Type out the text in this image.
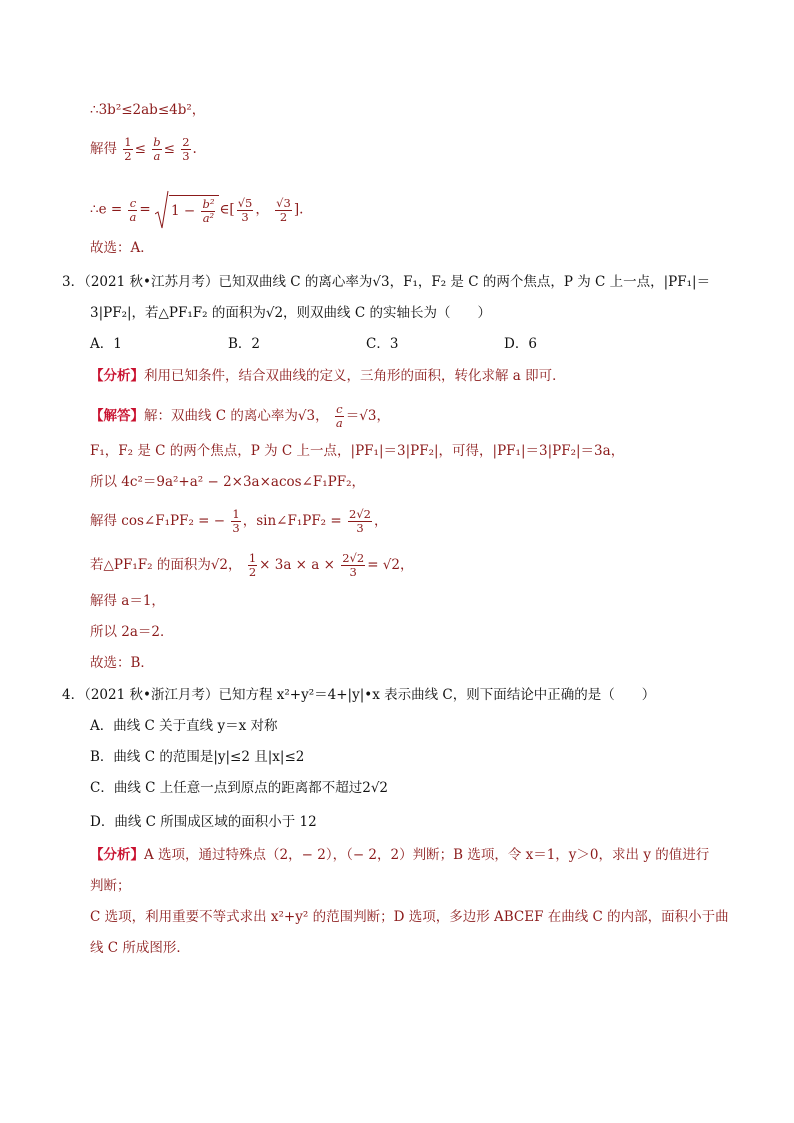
∴3b²≤2ab≤4b²，
解得 $\frac{1}{2} \le \frac{b}{a} \le \frac{2}{3}$ .
∴e = $\frac{c}{a} = 1 - \frac{\text{b²}}{\text{a²}}$ ∈[ $\frac{√5}{3}$ ， $\frac{√3}{2}$ ].
故选：A．
3．（2021 秋•江苏月考）已知双曲线 C 的离心率为√3，F₁，F₂ 是 C 的两个焦点，P 为 C 上一点，|PF₁|＝
3|PF₂|，若△PF₁F₂ 的面积为√2，则双曲线 C 的实轴长为（　　）
A．1	B．2	C．3	D．6
【分析】利用已知条件，结合双曲线的定义，三角形的面积，转化求解 a 即可．
【解答】解：双曲线 C 的离心率为√3， $\frac{c}{a} =√3$，
F₁，F₂ 是 C 的两个焦点，P 为 C 上一点，|PF₁|＝3|PF₂|，可得，|PF₁|＝3|PF₂|＝3a，
所以 4c²＝9a²+a² − 2×3a×acos∠F₁PF₂，
解得 cos∠F₁PF₂ = − $\frac{1}{3}$ ，sin∠F₁PF₂ = $\frac{2√2}{3}$ ，
若△PF₁F₂ 的面积为√2， $\frac{1}{2} \times 3a \times a \times \frac{2√2}{3} = √2$，
解得 a＝1，
所以 2a＝2．
故选：B．
4．（2021 秋•浙江月考）已知方程 x²+y²＝4+|y|•x 表示曲线 C，则下面结论中正确的是（　　）
A．曲线 C 关于直线 y＝x 对称
B．曲线 C 的范围是|y|≤2 且|x|≤2
C．曲线 C 上任意一点到原点的距离都不超过2√2
D．曲线 C 所围成区域的面积小于 12
【分析】A 选项，通过特殊点（2，− 2），（− 2，2）判断；B 选项，令 x＝1，y＞0，求出 y 的值进行
判断；
C 选项，利用重要不等式求出 x²+y² 的范围判断；D 选项，多边形 ABCEF 在曲线 C 的内部，面积小于曲
线 C 所成图形．
